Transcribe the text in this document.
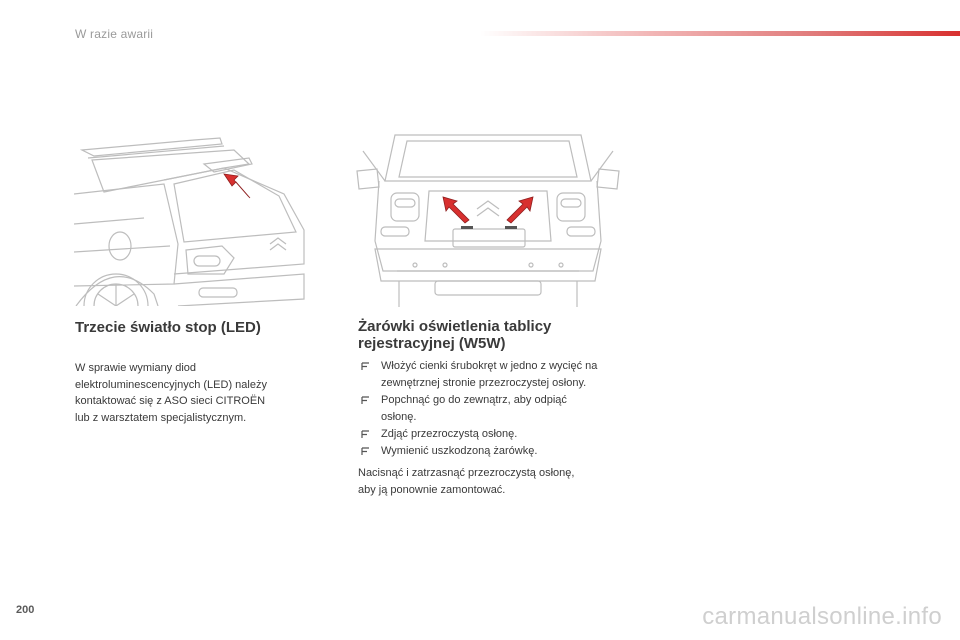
W razie awarii
Trzecie światło stop (LED)
W sprawie wymiany diod
elektroluminescencyjnych (LED) należy
kontaktować się z ASO sieci CITROËN
lub z warsztatem specjalistycznym.
Żarówki oświetlenia tablicy
rejestracyjnej (W5W)
Włożyć cienki śrubokręt w jedno z wycięć na
zewnętrznej stronie przezroczystej osłony.
Popchnąć go do zewnątrz, aby odpiąć
osłonę.
Zdjąć przezroczystą osłonę.
Wymienić uszkodzoną żarówkę.
Nacisnąć i zatrzasnąć przezroczystą osłonę,
aby ją ponownie zamontować.
200	carmanualsonline.info
